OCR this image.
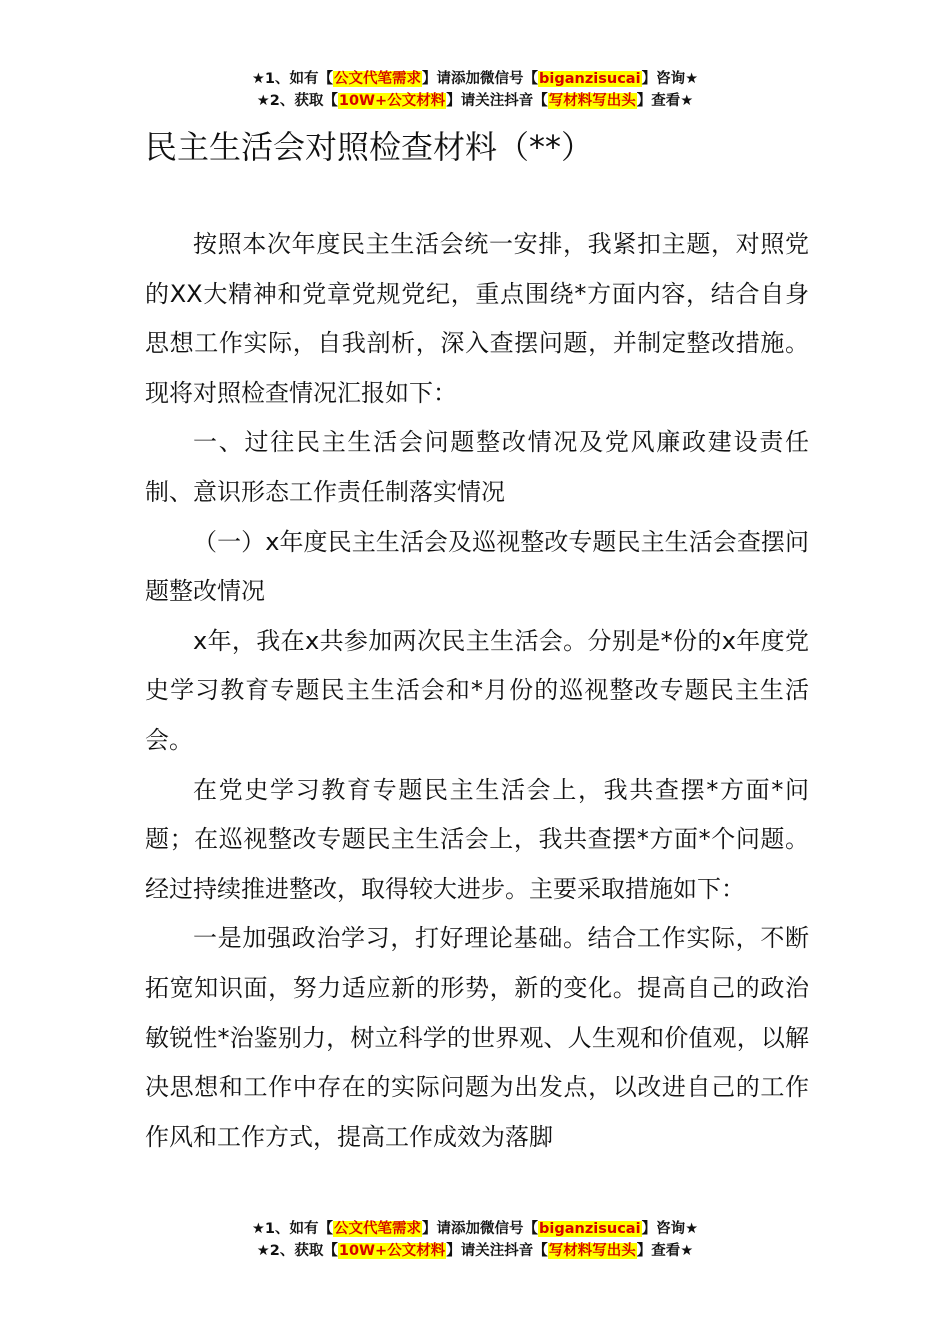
★1、如有【公文代笔需求】请添加微信号【biganzisucai】咨询★
★2、获取【10W+公文材料】请关注抖音【写材料写出头】查看★
民主生活会对照检查材料（**）

按照本次年度民主生活会统一安排，我紧扣主题，对照党的XX大精神和党章党规党纪，重点围绕*方面内容，结合自身思想工作实际，自我剖析，深入查摆问题，并制定整改措施。现将对照检查情况汇报如下：

一、过往民主生活会问题整改情况及党风廉政建设责任制、意识形态工作责任制落实情况

（一）x年度民主生活会及巡视整改专题民主生活会查摆问题整改情况

x年，我在x共参加两次民主生活会。分别是*份的x年度党史学习教育专题民主生活会和*月份的巡视整改专题民主生活会。

在党史学习教育专题民主生活会上，我共查摆*方面*问题；在巡视整改专题民主生活会上，我共查摆*方面*个问题。经过持续推进整改，取得较大进步。主要采取措施如下：

一是加强政治学习，打好理论基础。结合工作实际，不断拓宽知识面，努力适应新的形势，新的变化。提高自己的政治敏锐性*治鉴别力，树立科学的世界观、人生观和价值观，以解决思想和工作中存在的实际问题为出发点，以改进自己的工作作风和工作方式，提高工作成效为落脚

★1、如有【公文代笔需求】请添加微信号【biganzisucai】咨询★
★2、获取【10W+公文材料】请关注抖音【写材料写出头】查看★
